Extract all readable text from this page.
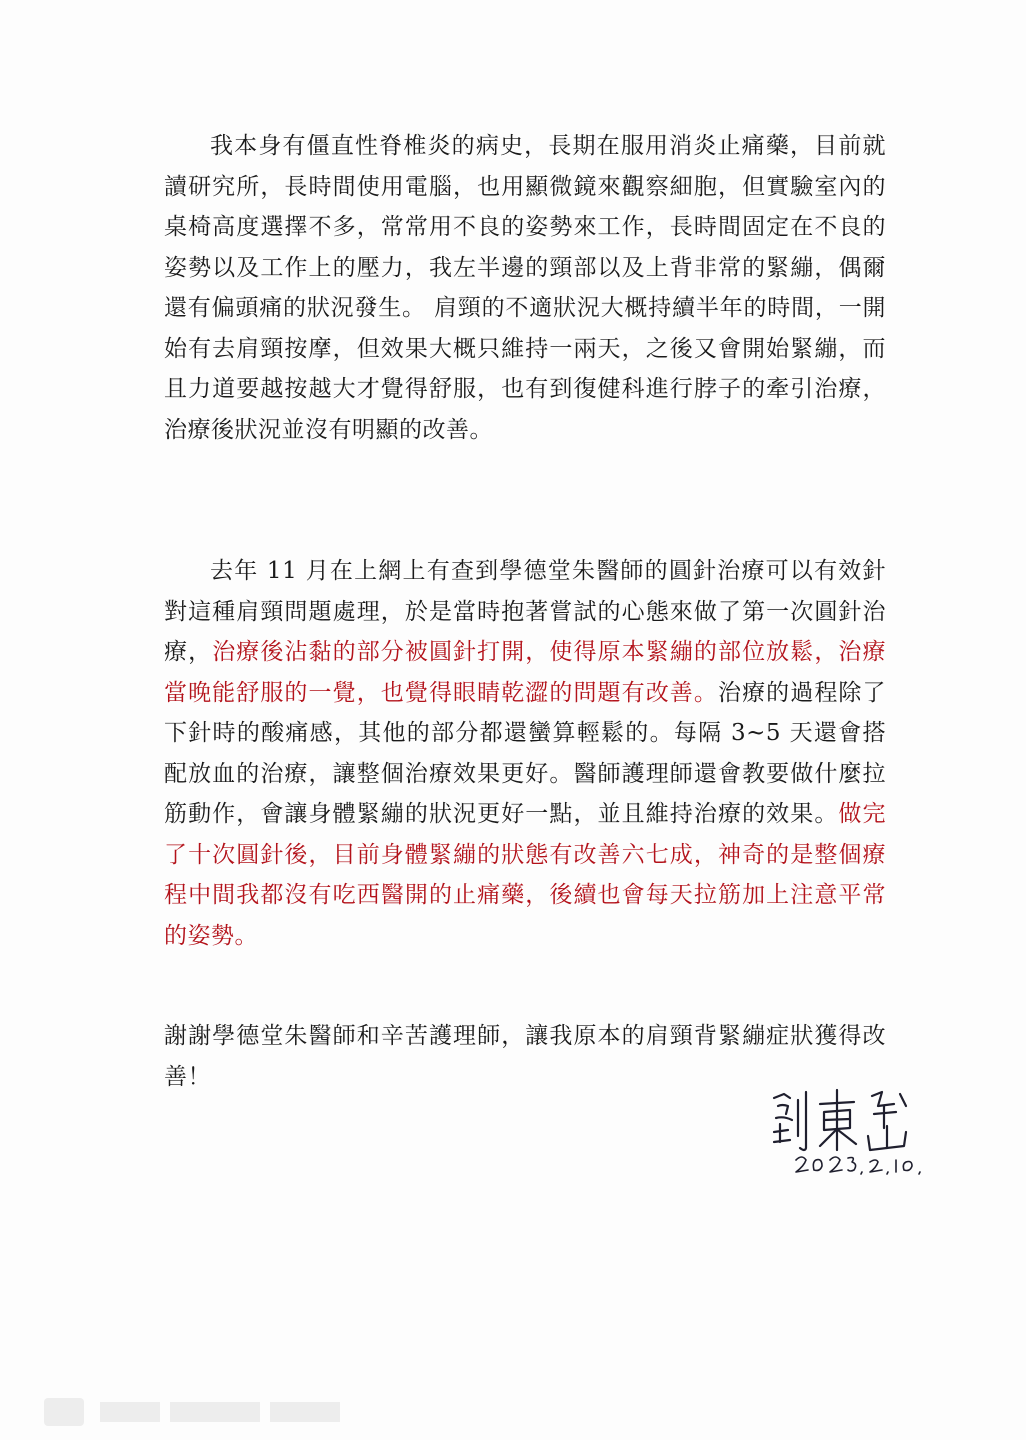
我本身有僵直性脊椎炎的病史，長期在服用消炎止痛藥，目前就讀研究所，長時間使用電腦，也用顯微鏡來觀察細胞，但實驗室內的桌椅高度選擇不多，常常用不良的姿勢來工作，長時間固定在不良的姿勢以及工作上的壓力，我左半邊的頸部以及上背非常的緊繃，偶爾還有偏頭痛的狀況發生。 肩頸的不適狀況大概持續半年的時間，一開始有去肩頸按摩，但效果大概只維持一兩天，之後又會開始緊繃，而且力道要越按越大才覺得舒服，也有到復健科進行脖子的牽引治療，治療後狀況並沒有明顯的改善。

去年 11 月在上網上有查到學德堂朱醫師的圓針治療可以有效針對這種肩頸問題處理，於是當時抱著嘗試的心態來做了第一次圓針治療，治療後沾黏的部分被圓針打開，使得原本緊繃的部位放鬆，治療當晚能舒服的一覺，也覺得眼睛乾澀的問題有改善。治療的過程除了下針時的酸痛感，其他的部分都還蠻算輕鬆的。每隔 3~5 天還會搭配放血的治療，讓整個治療效果更好。醫師護理師還會教要做什麼拉筋動作，會讓身體緊繃的狀況更好一點，並且維持治療的效果。做完了十次圓針後，目前身體緊繃的狀態有改善六七成，神奇的是整個療程中間我都沒有吃西醫開的止痛藥，後續也會每天拉筋加上注意平常的姿勢。

謝謝學德堂朱醫師和辛苦護理師，讓我原本的肩頸背緊繃症狀獲得改善！
